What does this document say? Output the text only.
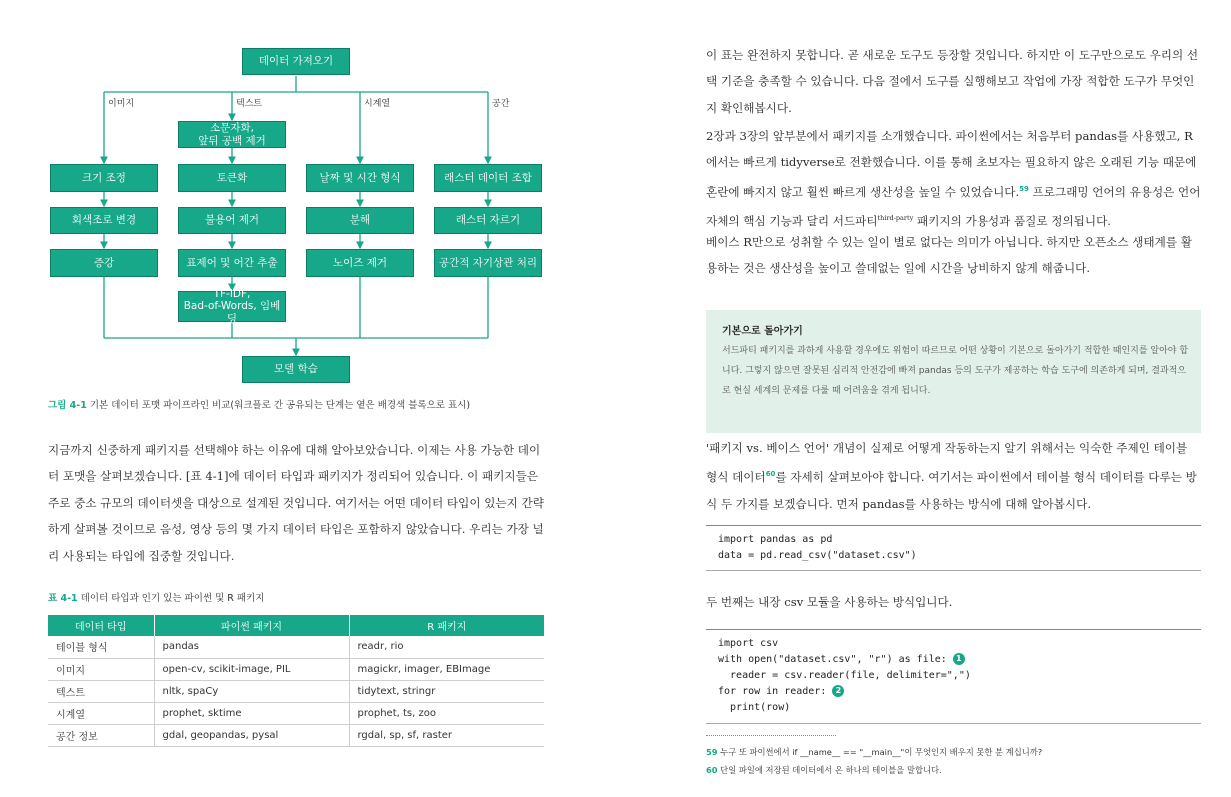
데이터 가져오기
이미지	텍스트	시계열	공간
크기 조정
회색조로 변경
증강
소문자화,
앞뒤 공백 제거
토큰화
불용어 제거
표제어 및 어간 추출
TF-IDF,
Bad-of-Words, 임베딩
날짜 및 시간 형식
분해
노이즈 제거
래스터 데이터 조합
래스터 자르기
공간적 자기상관 처리
모델 학습
그림 4-1 기본 데이터 포맷 파이프라인 비교(워크플로 간 공유되는 단계는 옅은 배경색 블록으로 표시)
지금까지 신중하게 패키지를 선택해야 하는 이유에 대해 알아보았습니다. 이제는 사용 가능한 데이터 포맷을 살펴보겠습니다. [표 4-1]에 데이터 타입과 패키지가 정리되어 있습니다. 이 패키지들은 주로 중소 규모의 데이터셋을 대상으로 설계된 것입니다. 여기서는 어떤 데이터 타입이 있는지 간략하게 살펴볼 것이므로 음성, 영상 등의 몇 가지 데이터 타입은 포함하지 않았습니다. 우리는 가장 널리 사용되는 타입에 집중할 것입니다.
표 4-1 데이터 타입과 인기 있는 파이썬 및 R 패키지
데이터 타입	파이썬 패키지	R 패키지
테이블 형식	pandas	readr, rio
이미지	open-cv, scikit-image, PIL	magickr, imager, EBImage
텍스트	nltk, spaCy	tidytext, stringr
시계열	prophet, sktime	prophet, ts, zoo
공간 정보	gdal, geopandas, pysal	rgdal, sp, sf, raster
이 표는 완전하지 못합니다. 곧 새로운 도구도 등장할 것입니다. 하지만 이 도구만으로도 우리의 선택 기준을 충족할 수 있습니다. 다음 절에서 도구를 실행해보고 작업에 가장 적합한 도구가 무엇인지 확인해봅시다.
2장과 3장의 앞부분에서 패키지를 소개했습니다. 파이썬에서는 처음부터 pandas를 사용했고, R에서는 빠르게 tidyverse로 전환했습니다. 이를 통해 초보자는 필요하지 않은 오래된 기능 때문에 혼란에 빠지지 않고 훨씬 빠르게 생산성을 높일 수 있었습니다.$^{59}$ 프로그래밍 언어의 유용성은 언어 자체의 핵심 기능과 달리 서드파티$^{third-party}$ 패키지의 가용성과 품질로 정의됩니다.
베이스 R만으로 성취할 수 있는 일이 별로 없다는 의미가 아닙니다. 하지만 오픈소스 생태계를 활용하는 것은 생산성을 높이고 쓸데없는 일에 시간을 낭비하지 않게 해줍니다.
기본으로 돌아가기
서드파티 패키지를 과하게 사용할 경우에도 위험이 따르므로 어떤 상황이 기본으로 돌아가기 적합한 때인지를 알아야 합니다. 그렇지 않으면 잘못된 심리적 안전감에 빠져 pandas 등의 도구가 제공하는 학습 도구에 의존하게 되며, 결과적으로 현실 세계의 문제를 다룰 때 어려움을 겪게 됩니다.
'패키지 vs. 베이스 언어' 개념이 실제로 어떻게 작동하는지 알기 위해서는 익숙한 주제인 테이블 형식 데이터$^{60}$를 자세히 살펴보아야 합니다. 여기서는 파이썬에서 테이블 형식 데이터를 다루는 방식 두 가지를 보겠습니다. 먼저 pandas를 사용하는 방식에 대해 알아봅시다.
import pandas as pd
data = pd.read_csv("dataset.csv")
두 번째는 내장 csv 모듈을 사용하는 방식입니다.
import csv
with open("dataset.csv", "r") as file: 1
reader = csv.reader(file, delimiter=",")
for row in reader: 2
print(row)
59 누구 또 파이썬에서 if __name__ == "__main__"이 무엇인지 배우지 못한 분 계십니까?
60 단일 파일에 저장된 데이터에서 온 하나의 테이블을 말합니다.
